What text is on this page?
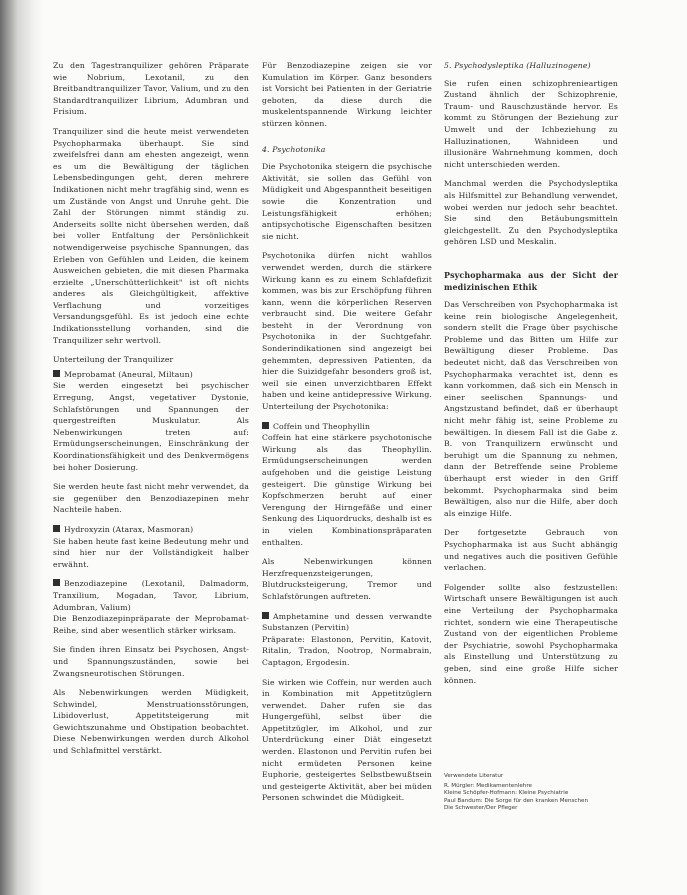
Zu den Tagestranquilizer gehören Präparate wie Nobrium, Lexotanil, zu den Breitbandtranquilizer Tavor, Valium, und zu den Standardtranquilizer Librium, Adumbran und Frisium.

Tranquilizer sind die heute meist verwendeten Psychopharmaka überhaupt. Sie sind zweifelsfrei dann am ehesten angezeigt, wenn es um die Bewältigung der täglichen Lebensbedingungen geht, deren mehrere Indikationen nicht mehr tragfähig sind, wenn es um Zustände von Angst und Unruhe geht. Die Zahl der Störungen nimmt ständig zu. Anderseits sollte nicht übersehen werden, daß bei voller Entfaltung der Persönlichkeit notwendigerweise psychische Spannungen, das Erleben von Gefühlen und Leiden, die keinem Ausweichen gebieten, die mit diesen Pharmaka erzielte „Unerschütterlichkeit" ist oft nichts anderes als Gleichgültigkeit, affektive Verflachung und vorzeitiges Versandungsgefühl. Es ist jedoch eine echte Indikationsstellung vorhanden, sind die Tranquilizer sehr wertvoll.

Unterteilung der Tranquilizer

Meprobamat (Aneural, Miltaun)

Sie werden eingesetzt bei psychischer Erregung, Angst, vegetativer Dystonie, Schlafstörungen und Spannungen der quergestreiften Muskulatur. Als Nebenwirkungen treten auf: Ermüdungserscheinungen, Einschränkung der Koordinationsfähigkeit und des Denkvermögens bei hoher Dosierung.

Sie werden heute fast nicht mehr verwendet, da sie gegenüber den Benzodiazepinen mehr Nachteile haben.

Hydroxyzin (Atarax, Masmoran)

Sie haben heute fast keine Bedeutung mehr und sind hier nur der Vollständigkeit halber erwähnt.

Benzodiazepine (Lexotanil, Dalmadorm, Tranxilium, Mogadan, Tavor, Librium, Adumbran, Valium)

Die Benzodiazepinpräparate der Meprobamat-Reihe, sind aber wesentlich stärker wirksam.

Sie finden ihren Einsatz bei Psychosen, Angst- und Spannungszuständen, sowie bei Zwangsneurotischen Störungen.

Als Nebenwirkungen werden Müdigkeit, Schwindel, Menstruationsstörungen, Libidoverlust, Appetitsteigerung mit Gewichtszunahme und Obstipation beobachtet. Diese Nebenwirkungen werden durch Alkohol und Schlafmittel verstärkt.

Für Benzodiazepine zeigen sie vor Kumulation im Körper. Ganz besonders ist Vorsicht bei Patienten in der Geriatrie geboten, da diese durch die muskelentspannende Wirkung leichter stürzen können.

4. Psychotonika

Die Psychotonika steigern die psychische Aktivität, sie sollen das Gefühl von Müdigkeit und Abgespanntheit beseitigen sowie die Konzentration und Leistungsfähigkeit erhöhen; antipsychotische Eigenschaften besitzen sie nicht.

Psychotonika dürfen nicht wahllos verwendet werden, durch die stärkere Wirkung kann es zu einem Schlafdefizit kommen, was bis zur Erschöpfung führen kann, wenn die körperlichen Reserven verbraucht sind. Die weitere Gefahr besteht in der Verordnung von Psychotonika in der Suchtgefahr. Sonderindikationen sind angezeigt bei gehemmten, depressiven Patienten, da hier die Suizidgefahr besonders groß ist, weil sie einen unverzichtbaren Effekt haben und keine antidepressive Wirkung. Unterteilung der Psychotonika:

Coffein und Theophyllin

Coffein hat eine stärkere psychotonische Wirkung als das Theophyllin. Ermüdungserscheinungen werden aufgehoben und die geistige Leistung gesteigert. Die günstige Wirkung bei Kopfschmerzen beruht auf einer Verengung der Hirngefäße und einer Senkung des Liquordrucks, deshalb ist es in vielen Kombinationspräparaten enthalten.

Als Nebenwirkungen können Herzfrequenzsteigerungen, Blutdrucksteigerung, Tremor und Schlafstörungen auftreten.

Amphetamine und dessen verwandte Substanzen (Pervitin)

Präparate: Elastonon, Pervitin, Katovit, Ritalin, Tradon, Nootrop, Normabrain, Captagon, Ergodesin.

Sie wirken wie Coffein, nur werden auch in Kombination mit Appetitzüglern verwendet. Daher rufen sie das Hungergefühl, selbst über die Appetitzügler, im Alkohol, und zur Unterdrückung einer Diät eingesetzt werden. Elastonon und Pervitin rufen bei nicht ermüdeten Personen keine Euphorie, gesteigertes Selbstbewußtsein und gesteigerte Aktivität, aber bei müden Personen schwindet die Müdigkeit.

5. Psychodysleptika (Halluzinogene)

Sie rufen einen schizophrenieartigen Zustand ähnlich der Schizophrenie, Traum- und Rauschzustände hervor. Es kommt zu Störungen der Beziehung zur Umwelt und der Ichbeziehung zu Halluzinationen, Wahnideen und illusionäre Wahrnehmung kommen, doch nicht unterschieden werden.

Manchmal werden die Psychodysleptika als Hilfsmittel zur Behandlung verwendet, wobei werden nur jedoch sehr beachtet. Sie sind den Betäubungsmitteln gleichgestellt. Zu den Psychodysleptika gehören LSD und Meskalin.

Psychopharmaka aus der Sicht der medizinischen Ethik

Das Verschreiben von Psychopharmaka ist keine rein biologische Angelegenheit, sondern stellt die Frage über psychische Probleme und das Bitten um Hilfe zur Bewältigung dieser Probleme. Das bedeutet nicht, daß das Verschreiben von Psychopharmaka verachtet ist, denn es kann vorkommen, daß sich ein Mensch in einer seelischen Spannungs- und Angstzustand befindet, daß er überhaupt nicht mehr fähig ist, seine Probleme zu bewältigen. In diesem Fall ist die Gabe z. B. von Tranquilizern erwünscht und beruhigt um die Spannung zu nehmen, dann der Betreffende seine Probleme überhaupt erst wieder in den Griff bekommt. Psychopharmaka sind beim Bewältigen, also nur die Hilfe, aber doch als einzige Hilfe.

Der fortgesetzte Gebrauch von Psychopharmaka ist aus Sucht abhängig und negatives auch die positiven Gefühle verlachen.

Folgender sollte also festzustellen: Wirtschaft unsere Bewältigungen ist auch eine Verteilung der Psychopharmaka richtet, sondern wie eine Therapeutische Zustand von der eigentlichen Probleme der Psychiatrie, sowohl Psychopharmaka als Einstellung und Unterstützung zu geben, sind eine große Hilfe sicher können.

Verwendete Literatur
R. Mürgler: Medikamentenlehre
Kleine Schöpfer-Hofmann: Kleine Psychiatrie
Paul Bandum: Die Sorge für den kranken Menschen
Die Schwester/Der Pfleger
